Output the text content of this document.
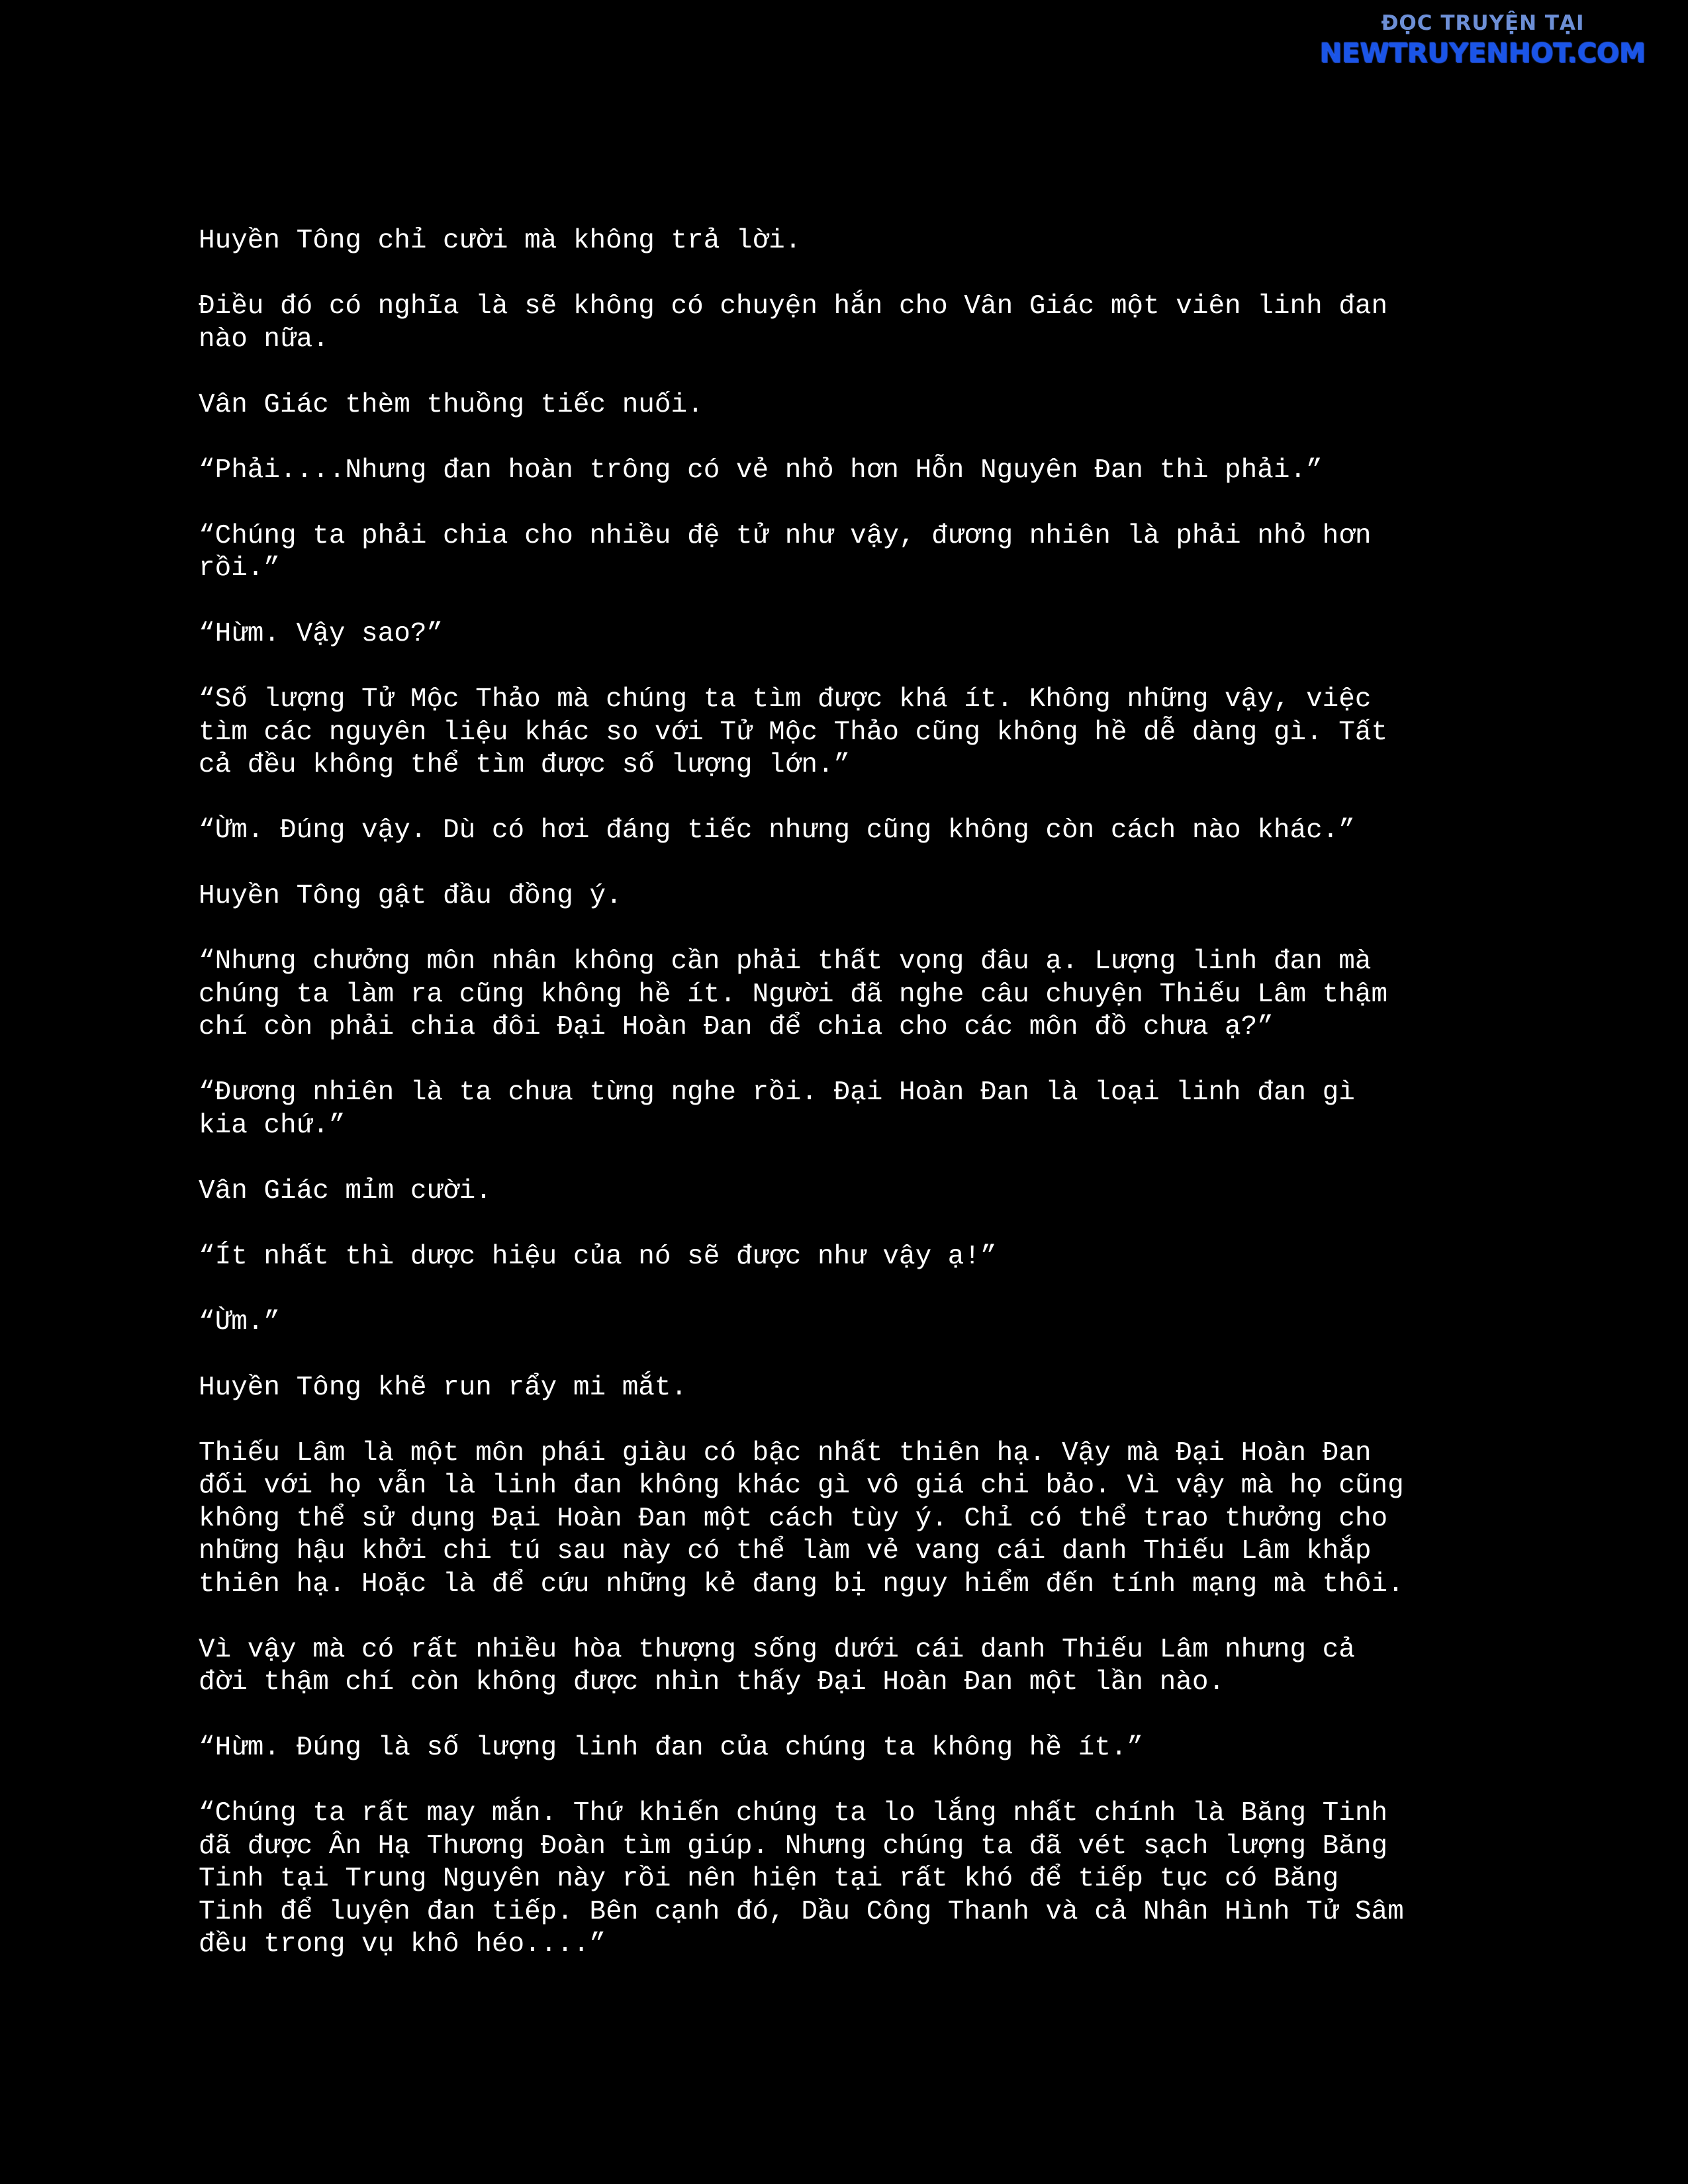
ĐỌC TRUYỆN TẠI
NEWTRUYENHOT.COM

Huyền Tông chỉ cười mà không trả lời.

Điều đó có nghĩa là sẽ không có chuyện hắn cho Vân Giác một viên linh đan
nào nữa.

Vân Giác thèm thuồng tiếc nuối.

“Phải....Nhưng đan hoàn trông có vẻ nhỏ hơn Hỗn Nguyên Đan thì phải.”

“Chúng ta phải chia cho nhiều đệ tử như vậy, đương nhiên là phải nhỏ hơn
rồi.”

“Hừm. Vậy sao?”

“Số lượng Tử Mộc Thảo mà chúng ta tìm được khá ít. Không những vậy, việc
tìm các nguyên liệu khác so với Tử Mộc Thảo cũng không hề dễ dàng gì. Tất
cả đều không thể tìm được số lượng lớn.”

“Ừm. Đúng vậy. Dù có hơi đáng tiếc nhưng cũng không còn cách nào khác.”

Huyền Tông gật đầu đồng ý.

“Nhưng chưởng môn nhân không cần phải thất vọng đâu ạ. Lượng linh đan mà
chúng ta làm ra cũng không hề ít. Người đã nghe câu chuyện Thiếu Lâm thậm
chí còn phải chia đôi Đại Hoàn Đan để chia cho các môn đồ chưa ạ?”

“Đương nhiên là ta chưa từng nghe rồi. Đại Hoàn Đan là loại linh đan gì
kia chứ.”

Vân Giác mỉm cười.

“Ít nhất thì dược hiệu của nó sẽ được như vậy ạ!”

“Ừm.”

Huyền Tông khẽ run rẩy mi mắt.

Thiếu Lâm là một môn phái giàu có bậc nhất thiên hạ. Vậy mà Đại Hoàn Đan
đối với họ vẫn là linh đan không khác gì vô giá chi bảo. Vì vậy mà họ cũng
không thể sử dụng Đại Hoàn Đan một cách tùy ý. Chỉ có thể trao thưởng cho
những hậu khởi chi tú sau này có thể làm vẻ vang cái danh Thiếu Lâm khắp
thiên hạ. Hoặc là để cứu những kẻ đang bị nguy hiểm đến tính mạng mà thôi.

Vì vậy mà có rất nhiều hòa thượng sống dưới cái danh Thiếu Lâm nhưng cả
đời thậm chí còn không được nhìn thấy Đại Hoàn Đan một lần nào.

“Hừm. Đúng là số lượng linh đan của chúng ta không hề ít.”

“Chúng ta rất may mắn. Thứ khiến chúng ta lo lắng nhất chính là Băng Tinh
đã được Ân Hạ Thương Đoàn tìm giúp. Nhưng chúng ta đã vét sạch lượng Băng
Tinh tại Trung Nguyên này rồi nên hiện tại rất khó để tiếp tục có Băng
Tinh để luyện đan tiếp. Bên cạnh đó, Dầu Công Thanh và cả Nhân Hình Tử Sâm
đều trong vụ khô héo....”
